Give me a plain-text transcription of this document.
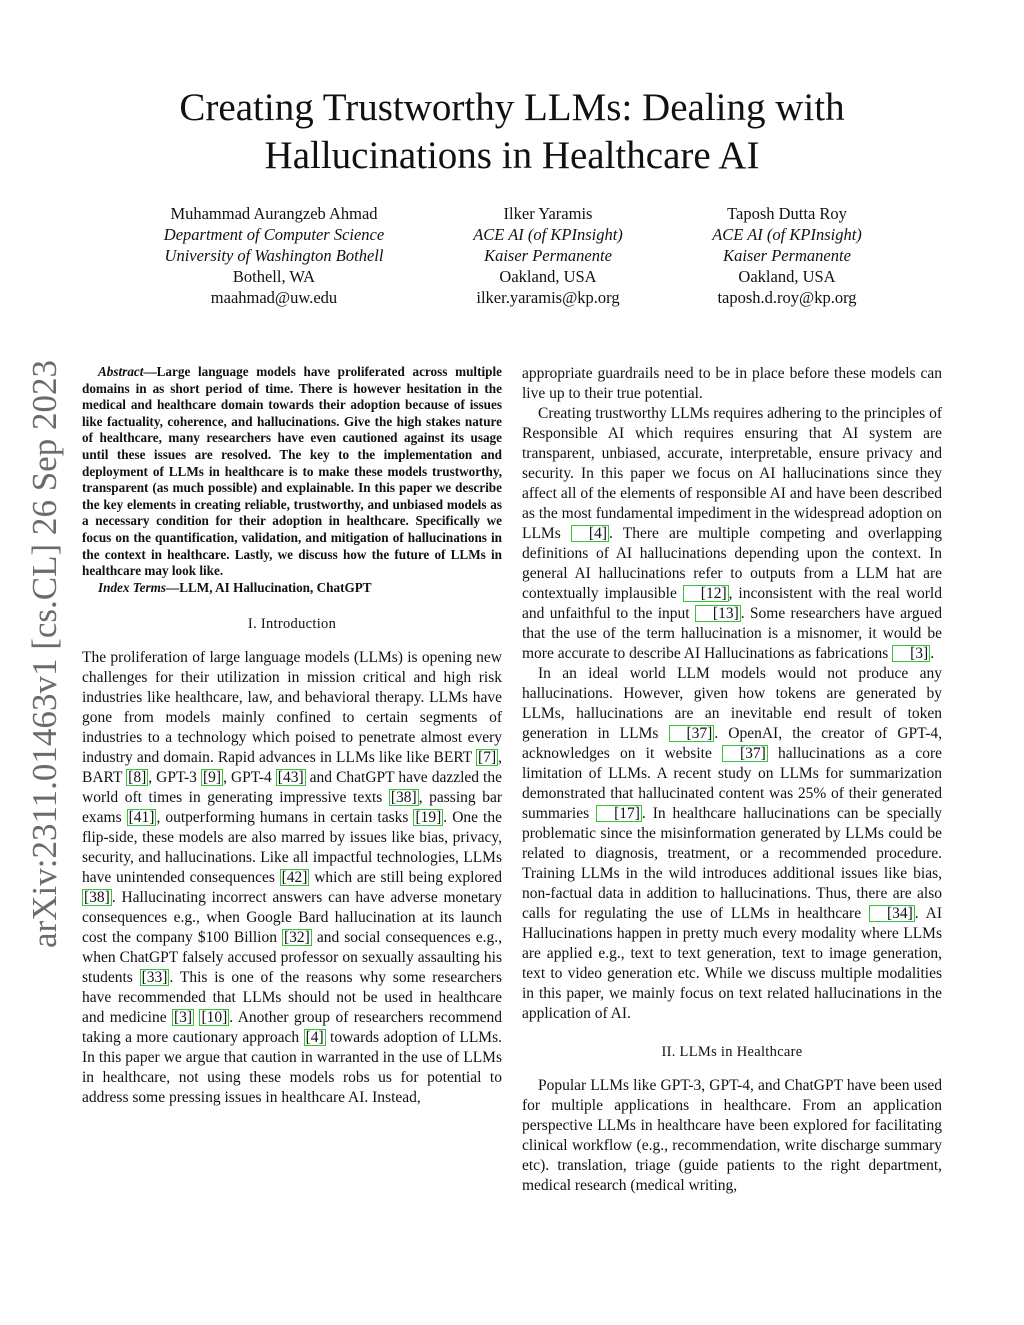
arXiv:2311.01463v1 [cs.CL] 26 Sep 2023
Creating Trustworthy LLMs: Dealing with
Hallucinations in Healthcare AI
Muhammad Aurangzeb Ahmad
Department of Computer Science
University of Washington Bothell
Bothell, WA
maahmad@uw.edu
Ilker Yaramis
ACE AI (of KPInsight)
Kaiser Permanente
Oakland, USA
ilker.yaramis@kp.org
Taposh Dutta Roy
ACE AI (of KPInsight)
Kaiser Permanente
Oakland, USA
taposh.d.roy@kp.org

Abstract—Large language models have proliferated across multiple domains in as short period of time. There is however hesitation in the medical and healthcare domain towards their adoption because of issues like factuality, coherence, and hallucinations. Give the high stakes nature of healthcare, many researchers have even cautioned against its usage until these issues are resolved. The key to the implementation and deployment of LLMs in healthcare is to make these models trustworthy, transparent (as much possible) and explainable. In this paper we describe the key elements in creating reliable, trustworthy, and unbiased models as a necessary condition for their adoption in healthcare. Specifically we focus on the quantification, validation, and mitigation of hallucinations in the context in healthcare. Lastly, we discuss how the future of LLMs in healthcare may look like.

Index Terms—LLM, AI Hallucination, ChatGPT

I. Introduction

The proliferation of large language models (LLMs) is opening new challenges for their utilization in mission critical and high risk industries like healthcare, law, and behavioral therapy. LLMs have gone from models mainly confined to certain segments of industries to a technology which poised to penetrate almost every industry and domain. Rapid advances in LLMs like like BERT [7] , BART [8] , GPT-3 [9] , GPT-4 [43] and ChatGPT have dazzled the world oft times in generating impressive texts [38] , passing bar exams [41] , outperforming humans in certain tasks [19] . One the flip-side, these models are also marred by issues like bias, privacy, security, and hallucinations. Like all impactful technologies, LLMs have unintended consequences [42] which are still being explored [38] . Hallucinating incorrect answers can have adverse monetary consequences e.g., when Google Bard hallucination at its launch cost the company $100 Billion [32] and social consequences e.g., when ChatGPT falsely accused professor on sexually assaulting his students [33] . This is one of the reasons why some researchers have recommended that LLMs should not be used in healthcare and medicine [3] [10] . Another group of researchers recommend taking a more cautionary approach [4] towards adoption of LLMs. In this paper we argue that caution in warranted in the use of LLMs in healthcare, not using these models robs us for potential to address some pressing issues in healthcare AI. Instead,

appropriate guardrails need to be in place before these models can live up to their true potential.

Creating trustworthy LLMs requires adhering to the principles of Responsible AI which requires ensuring that AI system are transparent, unbiased, accurate, interpretable, ensure privacy and security. In this paper we focus on AI hallucinations since they affect all of the elements of responsible AI and have been described as the most fundamental impediment in the widespread adoption on LLMs [4] . There are multiple competing and overlapping definitions of AI hallucinations depending upon the context. In general AI hallucinations refer to outputs from a LLM hat are contextually implausible [12] , inconsistent with the real world and unfaithful to the input [13] . Some researchers have argued that the use of the term hallucination is a misnomer, it would be more accurate to describe AI Hallucinations as fabrications [3] .

In an ideal world LLM models would not produce any hallucinations. However, given how tokens are generated by LLMs, hallucinations are an inevitable end result of token generation in LLMs [37] . OpenAI, the creator of GPT-4, acknowledges on it website [37] hallucinations as a core limitation of LLMs. A recent study on LLMs for summarization demonstrated that hallucinated content was 25% of their generated summaries [17] . In healthcare hallucinations can be specially problematic since the misinformation generated by LLMs could be related to diagnosis, treatment, or a recommended procedure. Training LLMs in the wild introduces additional issues like bias, non-factual data in addition to hallucinations. Thus, there are also calls for regulating the use of LLMs in healthcare [34] . AI Hallucinations happen in pretty much every modality where LLMs are applied e.g., text to text generation, text to image generation, text to video generation etc. While we discuss multiple modalities in this paper, we mainly focus on text related hallucinations in the application of AI.

II. LLMs in Healthcare

Popular LLMs like GPT-3, GPT-4, and ChatGPT have been used for multiple applications in healthcare. From an application perspective LLMs in healthcare have been explored for facilitating clinical workflow (e.g., recommendation, write discharge summary etc). translation, triage (guide patients to the right department, medical research (medical writing,
